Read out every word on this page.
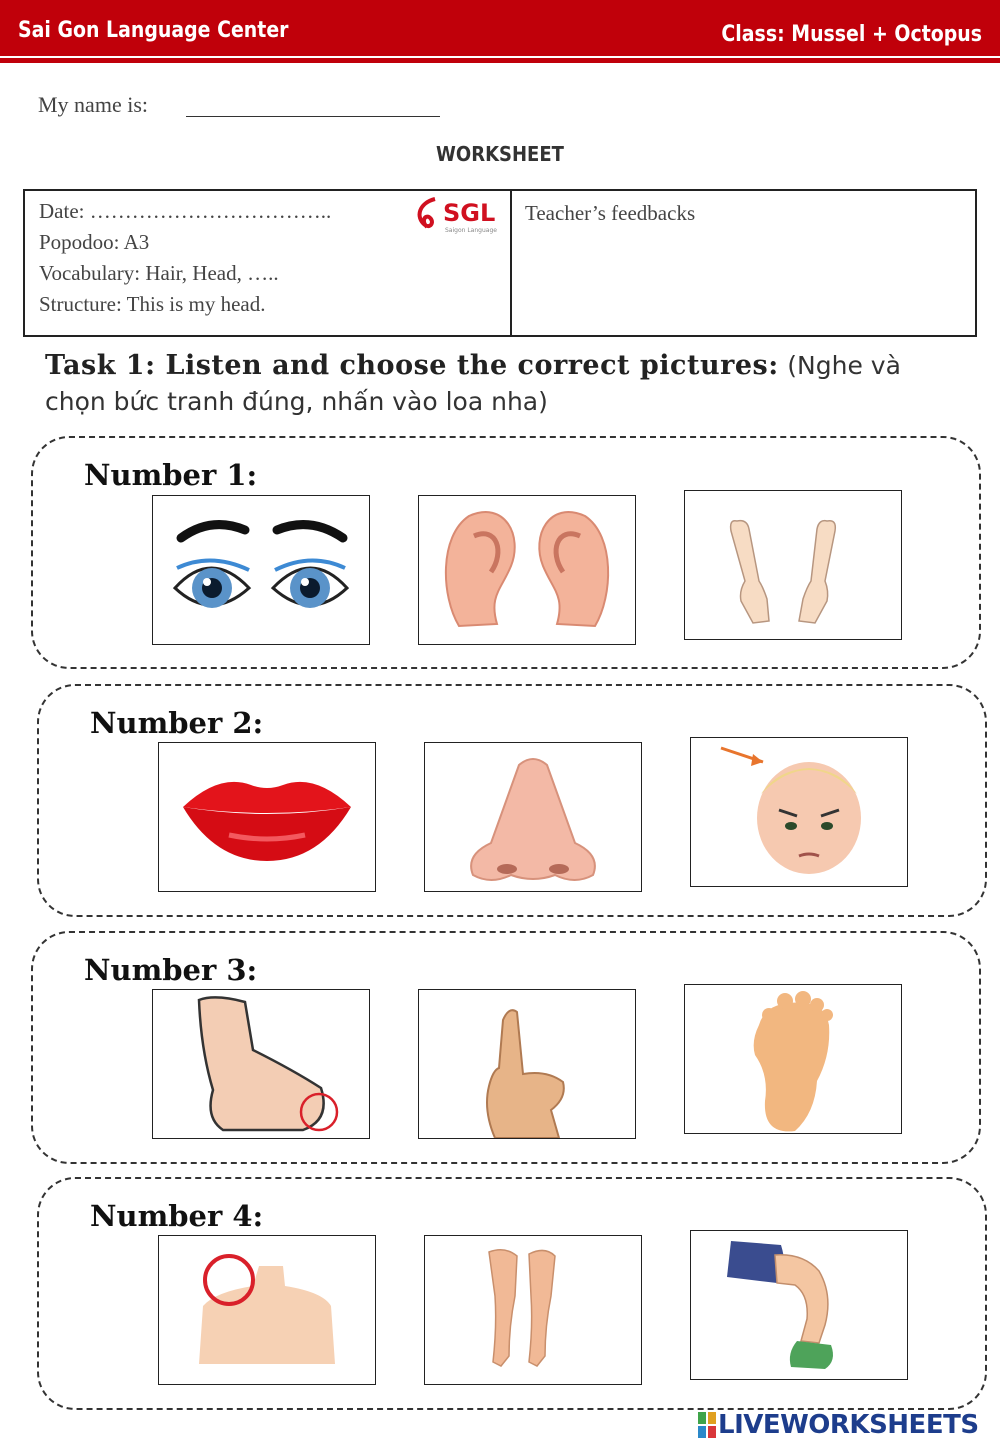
Sai Gon Language Center	Class: Mussel + Octopus
My name is:
WORKSHEET
Date: ……………………………..
Popodoo: A3
Vocabulary: Hair, Head, …..
Structure: This is my head.
SGL
Saigon Language
Teacher’s feedbacks
Task 1: Listen and choose the correct pictures: (Nghe và chọn bức tranh đúng, nhấn vào loa nha)
Number 1:
Number 2:
Number 3:
Number 4:
LIVEWORKSHEETS
